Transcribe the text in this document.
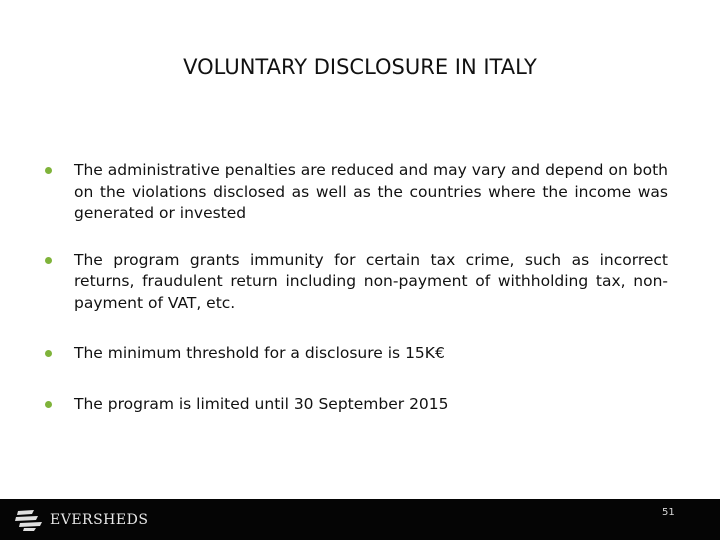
VOLUNTARY DISCLOSURE IN ITALY
The administrative penalties are reduced and may vary and depend on both on the violations disclosed as well as the countries where the income was generated or invested
The program grants immunity for certain tax crime, such as incorrect returns, fraudulent return including non-payment of withholding tax, non-payment of VAT, etc.
The minimum threshold for a disclosure is 15K€
The program is limited until 30 September 2015
EVERSHEDS	51
